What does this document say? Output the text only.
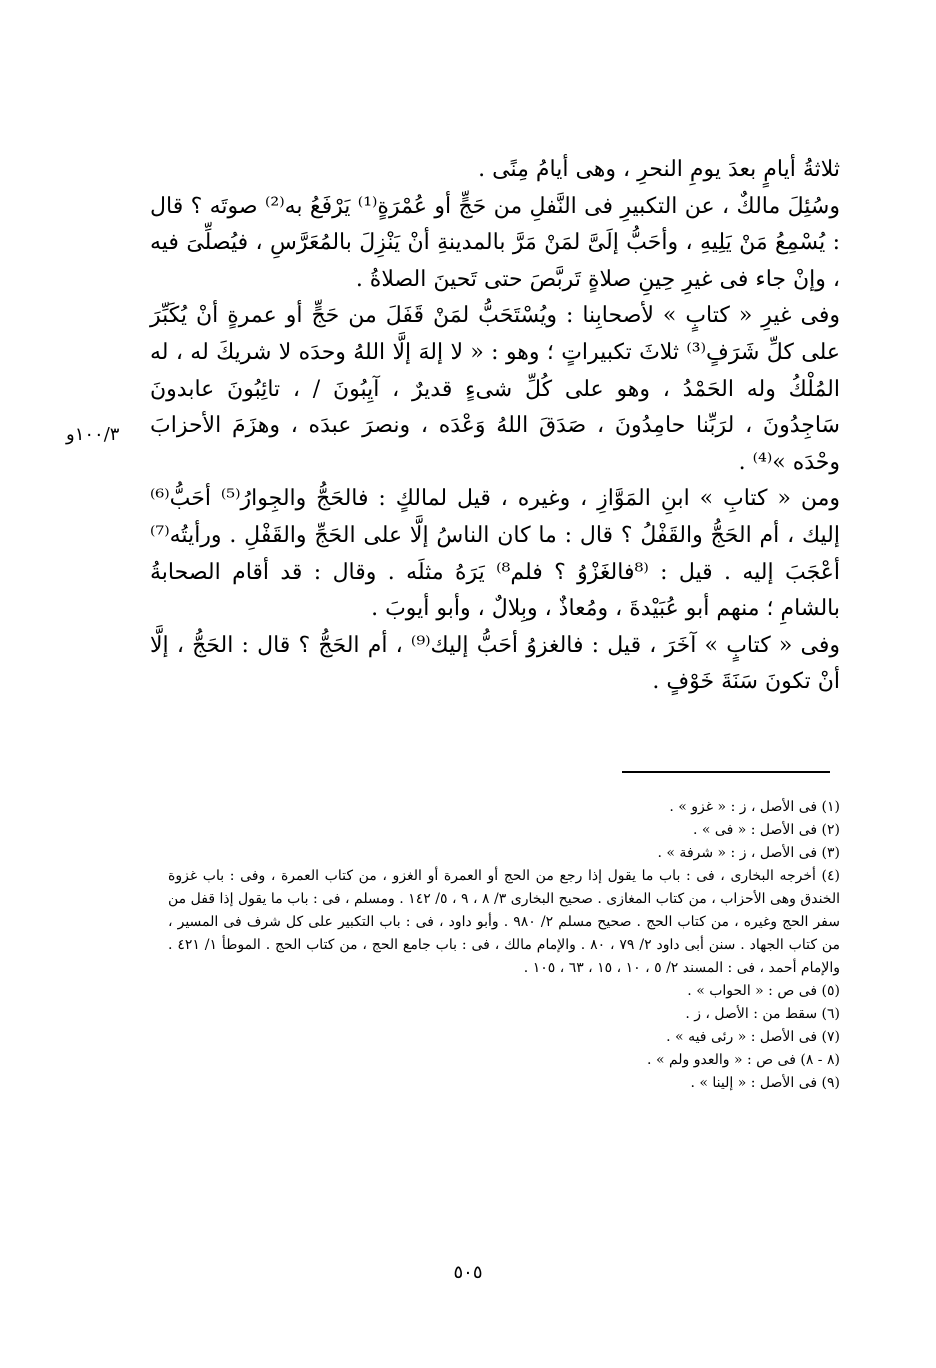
ثلاثةُ أيامٍ بعدَ يومِ النحرِ ، وهى أيامُ مِنًى .

وسُئِلَ مالكٌ ، عن التكبيرِ فى النَّفلِ من حَجٍّ أو عُمْرَةٍ⁽¹⁾ يَرْفَعُ به⁽²⁾ صوتَه ؟ قال : يُسْمِعُ مَنْ يَلِيهِ ، وأحَبُّ إلَىَّ لمَنْ مَرَّ بالمدينةِ أنْ يَنْزِلَ بالمُعَرَّسِ ، فيُصلِّىَ فيه ، وإنْ جاء فى غيرِ حِينِ صلاةٍ تَربَّصَ حتى تَحينَ الصلاةُ .

وفى غيرِ « كتابٍ » لأصحابِنا : ويُسْتَحَبُّ لمَنْ قَفَلَ من حَجٍّ أو عمرةٍ أنْ يُكَبِّرَ على كلِّ شَرَفٍ⁽³⁾ ثلاثَ تكبيراتٍ ؛ وهو : « لا إلهَ إلَّا اللهُ وحدَه لا شريكَ له ، له المُلْكُ وله الحَمْدُ ، وهو على كُلِّ شىءٍ قديرٌ ، آيِبُونَ / ، تائِبُونَ عابدونَ سَاجِدُونَ ، لرَبِّنا حامِدُونَ ، صَدَقَ اللهُ وَعْدَه ، ونصرَ عبدَه ، وهزَمَ الأحزابَ وحْدَه »⁽⁴⁾ .

ومن « كتابِ » ابنِ المَوَّازِ ، وغيره ، قيل لمالكٍ : فالحَجُّ والجِوارُ⁽⁵⁾ أحَبُّ⁽⁶⁾ إليك ، أم الحَجُّ والقَفْلُ ؟ قال : ما كان الناسُ إلَّا على الحَجِّ والقَفْلِ . ورأيتُه⁽⁷⁾ أعْجَبَ إليه . قيل : ⁽⁸فالغَزْوُ ؟ فلم⁸⁾ يَرَهُ مثلَه . وقال : قد أقام الصحابةُ بالشامِ ؛ منهم أبو عُبَيْدةَ ، ومُعاذٌ ، وبِلالٌ ، وأبو أيوبَ .

وفى « كتابٍ » آخَرَ ، قيل : فالغزوُ أحَبُّ إليك⁽⁹⁾ ، أم الحَجُّ ؟ قال : الحَجُّ ، إلَّا أنْ تكونَ سَنَةَ خَوْفٍ .

١٠٠/٣و

(١) فى الأصل ، ز : « غزو » .

(٢) فى الأصل : « فى » .

(٣) فى الأصل ، ز : « شرفة » .

(٤) أخرجه البخارى ، فى : باب ما يقول إذا رجع من الحج أو العمرة أو الغزو ، من كتاب العمرة ، وفى : باب غزوة الخندق وهى الأحزاب ، من كتاب المغازى . صحيح البخارى ٣/ ٨ ، ٩ ، ٥/ ١٤٢ . ومسلم ، فى : باب ما يقول إذا قفل من سفر الحج وغيره ، من كتاب الحج . صحيح مسلم ٢/ ٩٨٠ . وأبو داود ، فى : باب التكبير على كل شرف فى المسير ، من كتاب الجهاد . سنن أبى داود ٢/ ٧٩ ، ٨٠ . والإمام مالك ، فى : باب جامع الحج ، من كتاب الحج . الموطأ ١/ ٤٢١ . والإمام أحمد ، فى : المسند ٢/ ٥ ، ١٠ ، ١٥ ، ٦٣ ، ١٠٥ .

(٥) فى ص : « الحواب » .

(٦) سقط من : الأصل ، ز .

(٧) فى الأصل : « رئى فيه » .

(٨ - ٨) فى ص : « والعدو ولم » .

(٩) فى الأصل : « إلينا » .

٥٠٥
